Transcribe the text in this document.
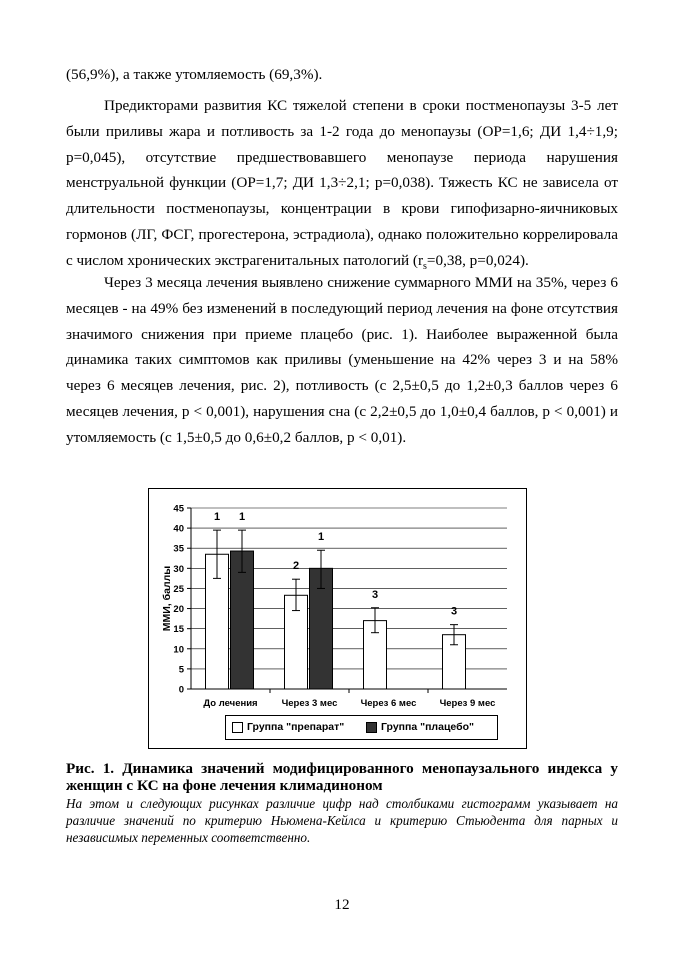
(56,9%), а также утомляемость (69,3%).
Предикторами развития КС тяжелой степени в сроки постменопаузы 3-5 лет были приливы жара и потливость за 1-2 года до менопаузы (ОР=1,6; ДИ 1,4÷1,9; p=0,045), отсутствие предшествовавшего менопаузе периода нарушения менструальной функции (ОР=1,7; ДИ 1,3÷2,1; p=0,038). Тяжесть КС не зависела от длительности постменопаузы, концентрации в крови гипофизарно-яичниковых гормонов (ЛГ, ФСГ, прогестерона, эстрадиола), однако положительно коррелировала с числом хронических экстрагенитальных патологий ($r_s=0,38$, p=0,024).
Через 3 месяца лечения выявлено снижение суммарного ММИ на 35%, через 6 месяцев - на 49% без изменений в последующий период лечения на фоне отсутствия значимого снижения при приеме плацебо (рис. 1). Наиболее выраженной была динамика таких симптомов как приливы (уменьшение на 42% через 3 и на 58% через 6 месяцев лечения, рис. 2), потливость (с 2,5±0,5 до 1,2±0,3 баллов через 6 месяцев лечения, p < 0,001), нарушения сна (с 2,2±0,5 до 1,0±0,4 баллов, p < 0,001) и утомляемость (с 1,5±0,5 до 0,6±0,2 баллов, p < 0,01).
0
5
10
15
20
25
30
35
40
45
ММИ, баллы
До лечения
1 1
Через 3 мес
2
1
Через 6 мес
3
Через 9 мес
3
Группа "препарат"	Группа "плацебо"
Рис. 1. Динамика значений модифицированного менопаузального индекса у женщин с КС на фоне лечения климадиноном
На этом и следующих рисунках различие цифр над столбиками гистограмм указывает на различие значений по критерию Ньюмена-Кейлса и критерию Стьюдента для парных и независимых переменных соответственно.
12
